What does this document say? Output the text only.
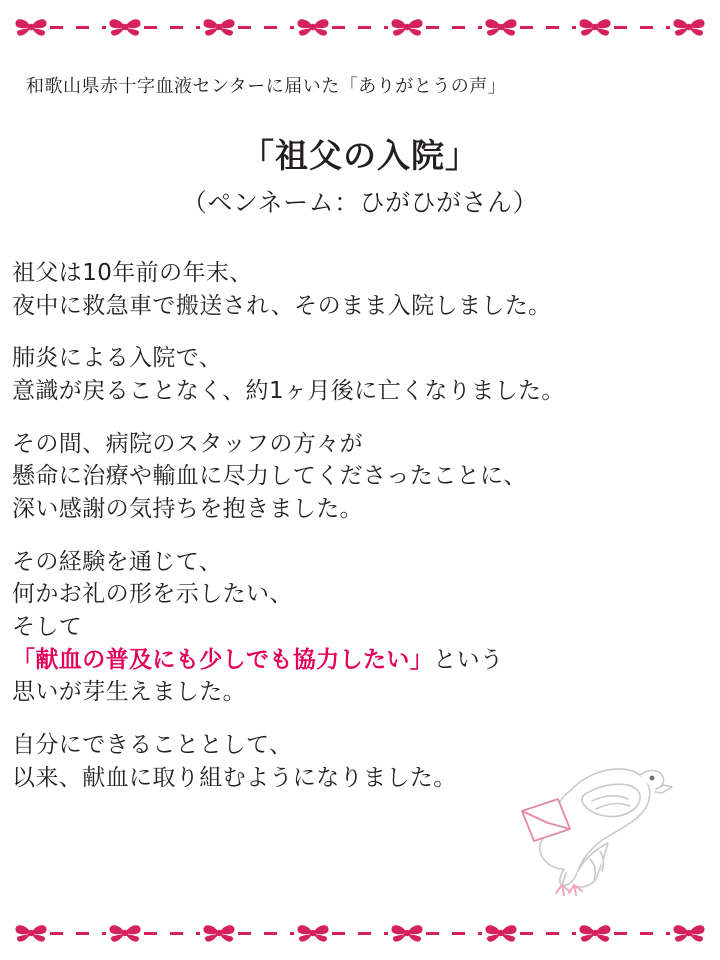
和歌山県赤十字血液センターに届いた「ありがとうの声」
「祖父の入院」
（ペンネーム：ひがひがさん）
祖父は10年前の年末、
夜中に救急車で搬送され、そのまま入院しました。
肺炎による入院で、
意識が戻ることなく、約1ヶ月後に亡くなりました。
その間、病院のスタッフの方々が
懸命に治療や輸血に尽力してくださったことに、
深い感謝の気持ちを抱きました。
その経験を通じて、
何かお礼の形を示したい、
そして
「献血の普及にも少しでも協力したい」という
思いが芽生えました。
自分にできることとして、
以来、献血に取り組むようになりました。
